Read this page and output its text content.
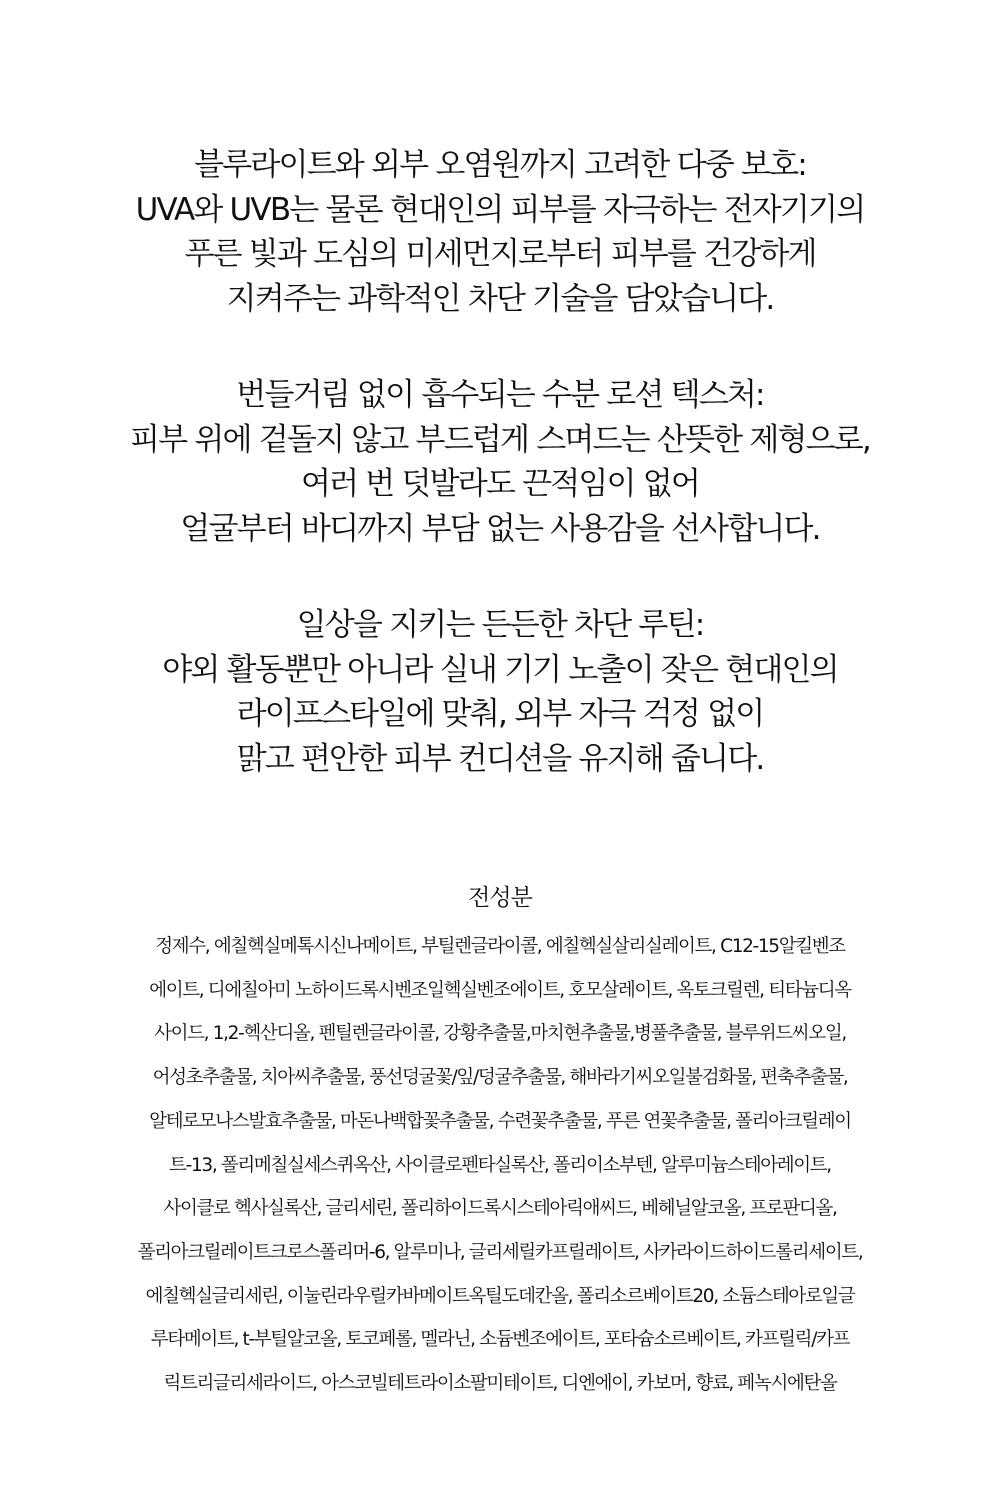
블루라이트와 외부 오염원까지 고려한 다중 보호:
UVA와 UVB는 물론 현대인의 피부를 자극하는 전자기기의
푸른 빛과 도심의 미세먼지로부터 피부를 건강하게
지켜주는 과학적인 차단 기술을 담았습니다.
번들거림 없이 흡수되는 수분 로션 텍스처:
피부 위에 겉돌지 않고 부드럽게 스며드는 산뜻한 제형으로,
여러 번 덧발라도 끈적임이 없어
얼굴부터 바디까지 부담 없는 사용감을 선사합니다.
일상을 지키는 든든한 차단 루틴:
야외 활동뿐만 아니라 실내 기기 노출이 잦은 현대인의
라이프스타일에 맞춰, 외부 자극 걱정 없이
맑고 편안한 피부 컨디션을 유지해 줍니다.
전성분
정제수, 에칠헥실메톡시신나메이트, 부틸렌글라이콜, 에칠헥실살리실레이트, C12-15알킬벤조
에이트, 디에칠아미 노하이드록시벤조일헥실벤조에이트, 호모살레이트, 옥토크릴렌, 티타늄디옥
사이드, 1,2-헥산디올, 펜틸렌글라이콜, 강황추출물,마치현추출물,병풀추출물, 블루위드씨오일,
어성초추출물, 치아씨추출물, 풍선덩굴꽃/잎/덩굴추출물, 해바라기씨오일불검화물, 편축추출물,
알테로모나스발효추출물, 마돈나백합꽃추출물, 수련꽃추출물, 푸른 연꽃추출물, 폴리아크릴레이
트-13, 폴리메칠실세스퀴옥산, 사이클로펜타실록산, 폴리이소부텐, 알루미늄스테아레이트,
사이클로 헥사실록산, 글리세린, 폴리하이드록시스테아릭애씨드, 베헤닐알코올, 프로판디올,
폴리아크릴레이트크로스폴리머-6, 알루미나, 글리세릴카프릴레이트, 사카라이드하이드롤리세이트,
에칠헥실글리세린, 이눌린라우릴카바메이트옥틸도데칸올, 폴리소르베이트20, 소듐스테아로일글
루타메이트, t-부틸알코올, 토코페롤, 멜라닌, 소듐벤조에이트, 포타슘소르베이트, 카프릴릭/카프
릭트리글리세라이드, 아스코빌테트라이소팔미테이트, 디엔에이, 카보머, 향료, 페녹시에탄올
